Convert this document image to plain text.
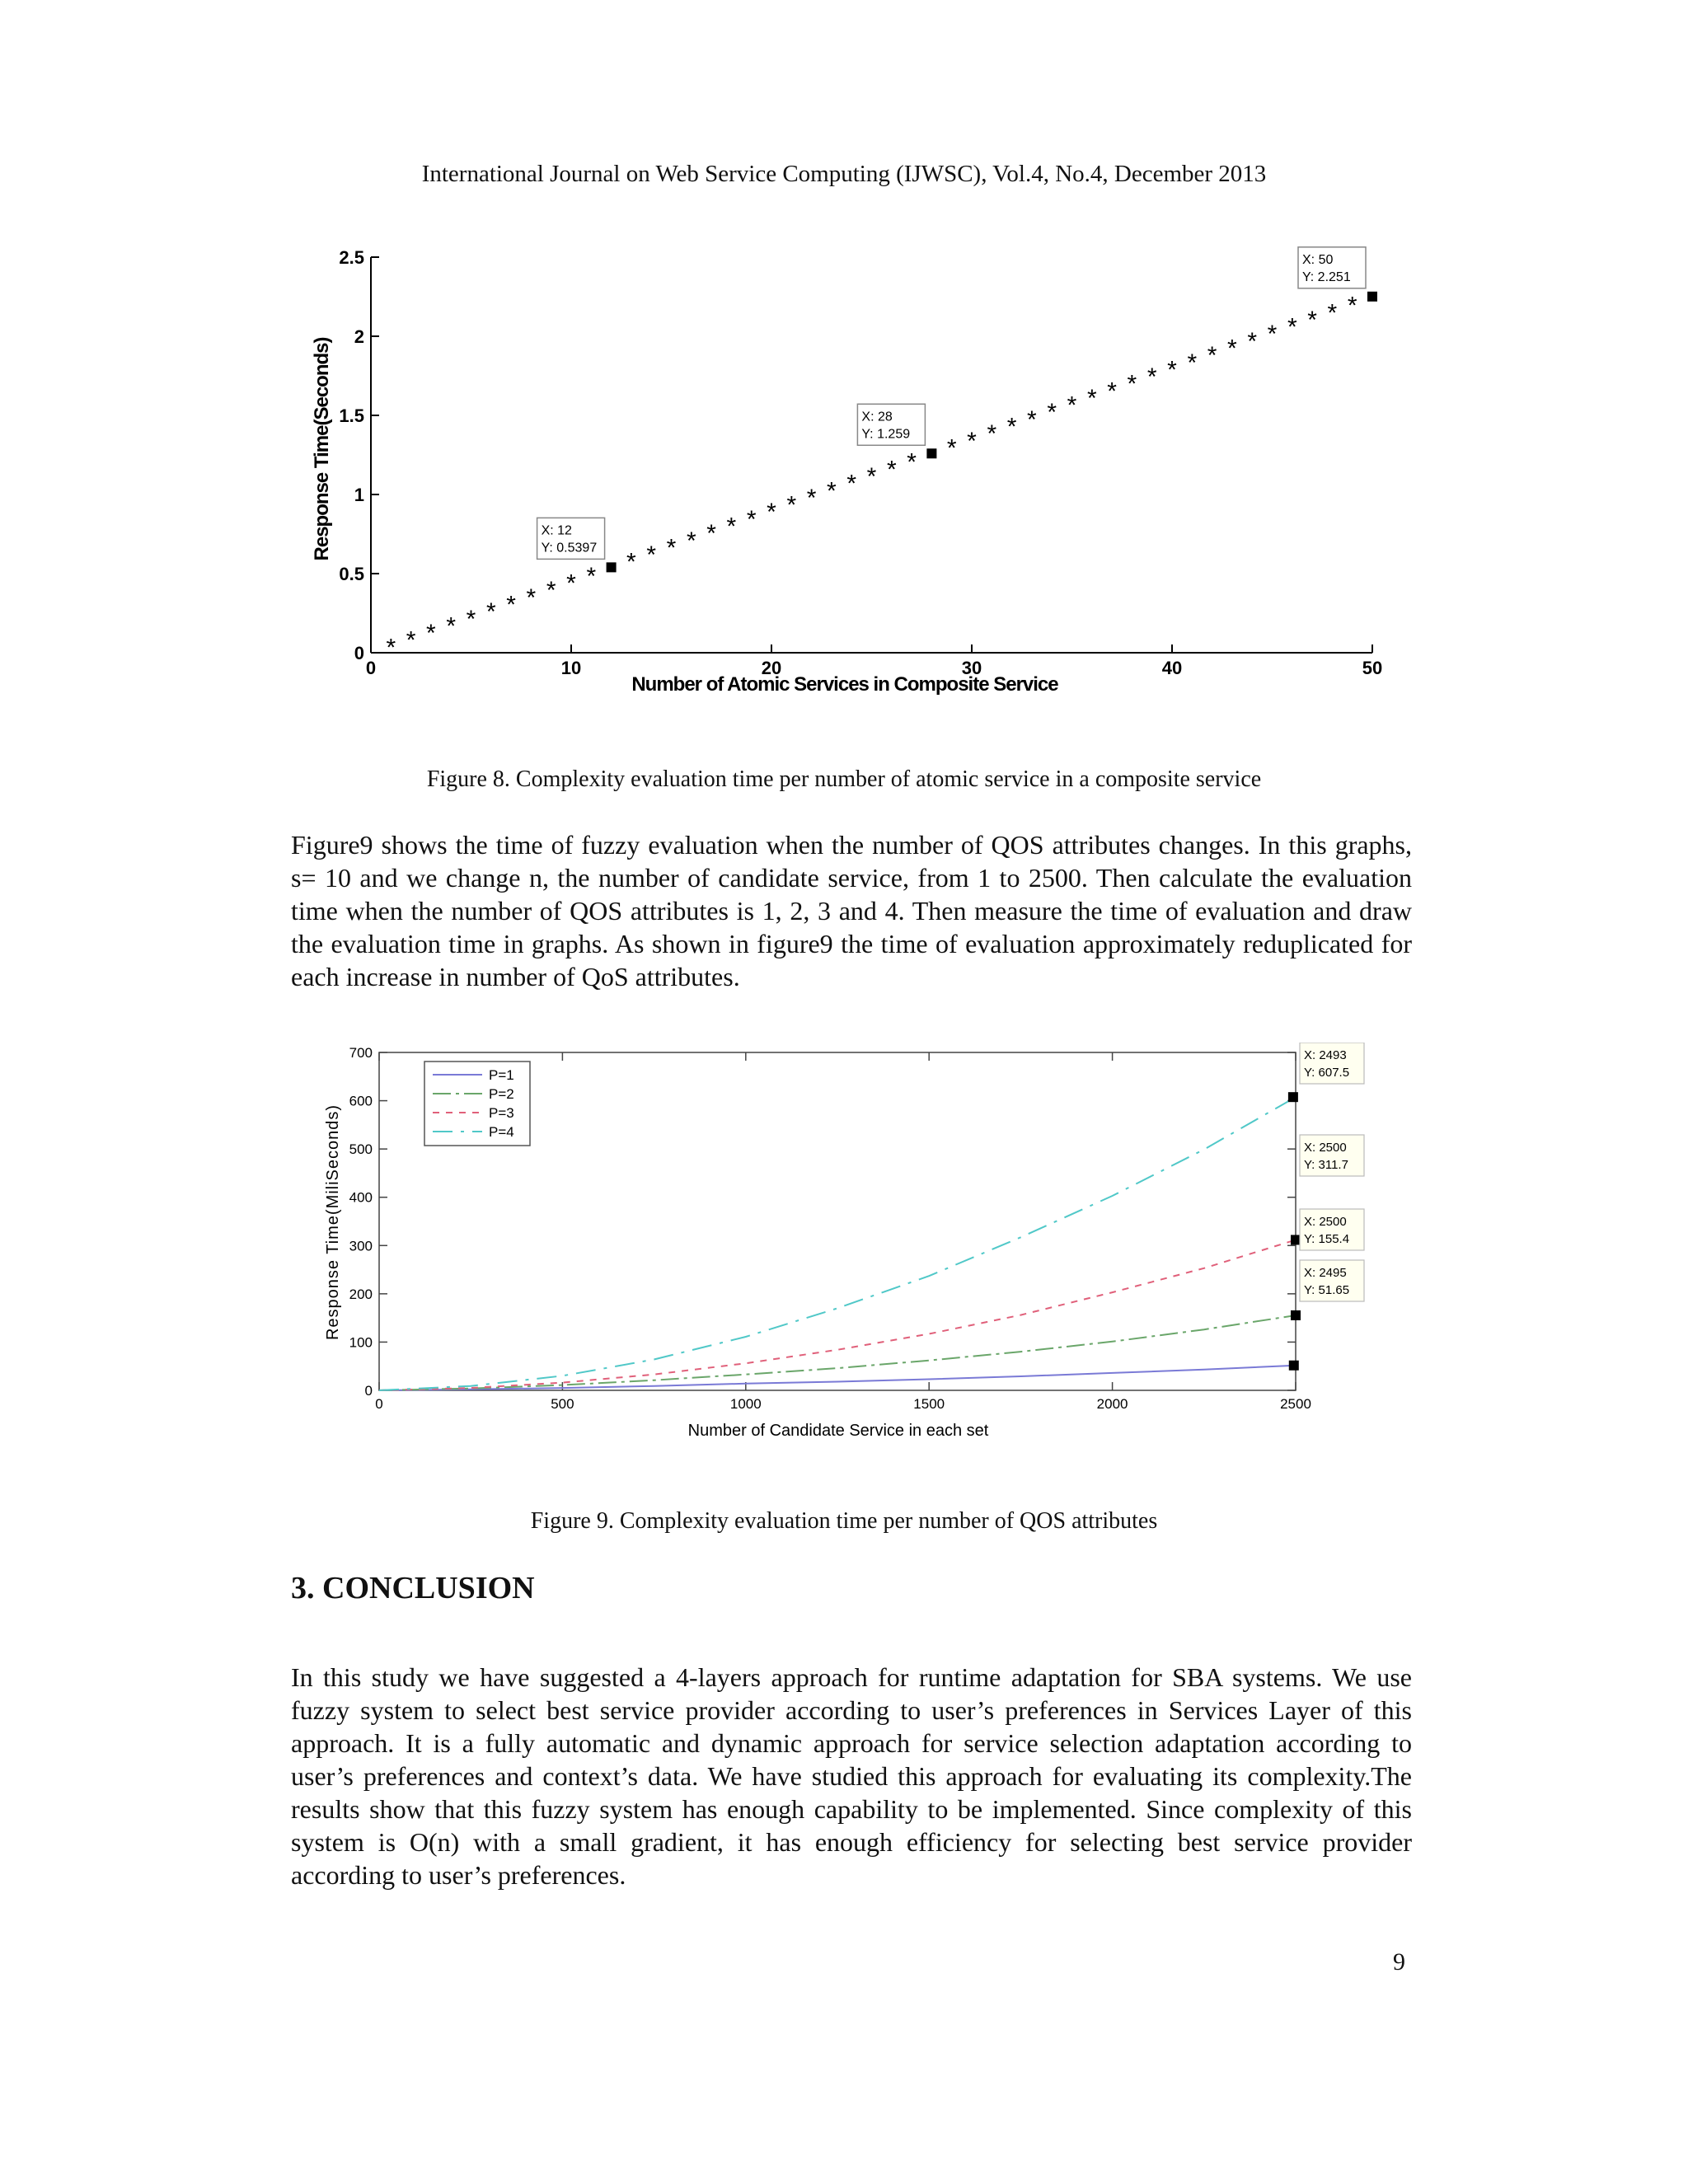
International Journal on Web Service Computing (IJWSC), Vol.4, No.4, December 2013
0	10	20	30	40	50
0
0.5
1
1.5
2
2.5
* * * * * * * * * * *
* * * * * * * * * * * * * * *
* * * * * * * * * * * * * * * * * * * * *
X: 12
Y: 0.5397
X: 28
Y: 1.259
X: 50
Y: 2.251
Number of Atomic Services in Composite Service
Response Time(Seconds)
Figure 8. Complexity evaluation time per number of atomic service in a composite service

Figure9 shows the time of fuzzy evaluation when the number of QOS attributes changes. In this graphs, s= 10 and we change n, the number of candidate service, from 1 to 2500. Then calculate the evaluation time when the number of QOS attributes is 1, 2, 3 and 4. Then measure the time of evaluation and draw the evaluation time in graphs. As shown in figure9 the time of evaluation approximately reduplicated for each increase in number of QoS attributes.

0	500	1000	1500	2000	2500
0
100
200
300
400
500
600
700	X: 2493
Y: 607.5
X: 2500
Y: 311.7
X: 2500
Y: 155.4
X: 2495
Y: 51.65
P=1
P=2
P=3
P=4
Number of Candidate Service in each set
Response Time(MiliSeconds)
Figure 9. Complexity evaluation time per number of QOS attributes
3. CONCLUSION

In this study we have suggested a 4-layers approach for runtime adaptation for SBA systems. We use fuzzy system to select best service provider according to user’s preferences in Services Layer of this approach. It is a fully automatic and dynamic approach for service selection adaptation according to user’s preferences and context’s data. We have studied this approach for evaluating its complexity.The results show that this fuzzy system has enough capability to be implemented. Since complexity of this system is O(n) with a small gradient, it has enough efficiency for selecting best service provider according to user’s preferences.

9
